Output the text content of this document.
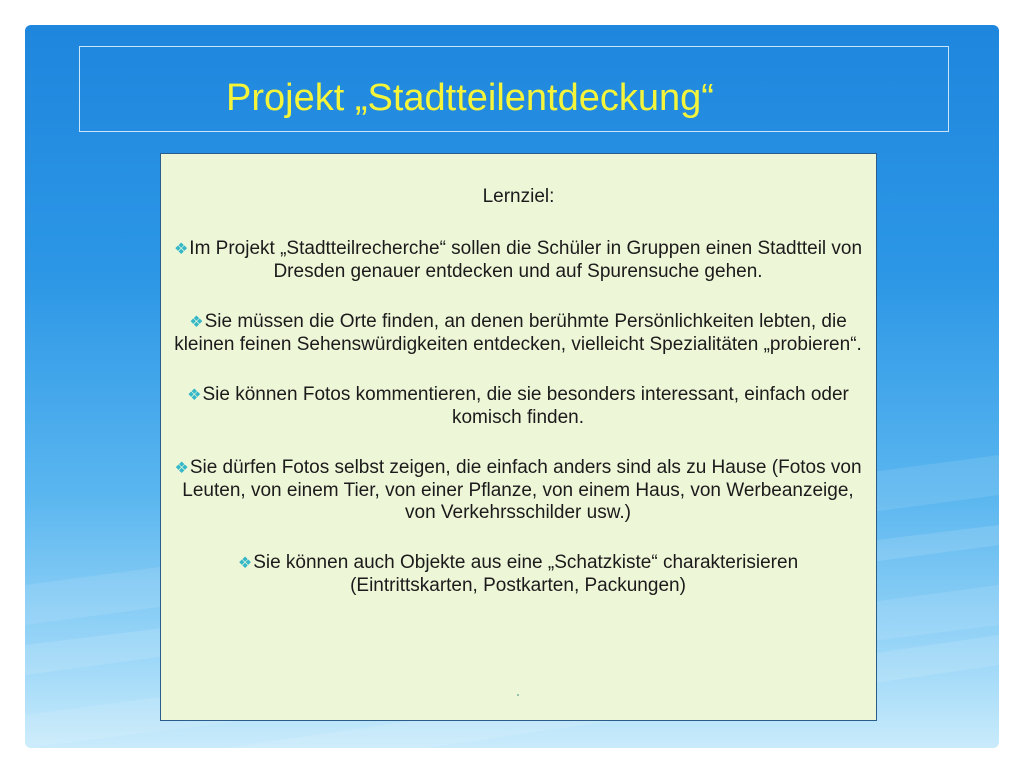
Projekt „Stadtteilentdeckung“

Lernziel:

❖Im Projekt „Stadtteilrecherche“ sollen die Schüler in Gruppen einen Stadtteil von Dresden genauer entdecken und auf Spurensuche gehen.
❖Sie müssen die Orte finden, an denen berühmte Persönlichkeiten lebten, die kleinen feinen Sehenswürdigkeiten entdecken, vielleicht Spezialitäten „probieren“.
❖Sie können Fotos kommentieren, die sie besonders interessant, einfach oder komisch finden.
❖Sie dürfen Fotos selbst zeigen, die einfach anders sind als zu Hause (Fotos von Leuten, von einem Tier, von einer Pflanze, von einem Haus, von Werbeanzeige, von Verkehrsschilder usw.)
❖Sie können auch Objekte aus eine „Schatzkiste“ charakterisieren (Eintrittskarten, Postkarten, Packungen)
